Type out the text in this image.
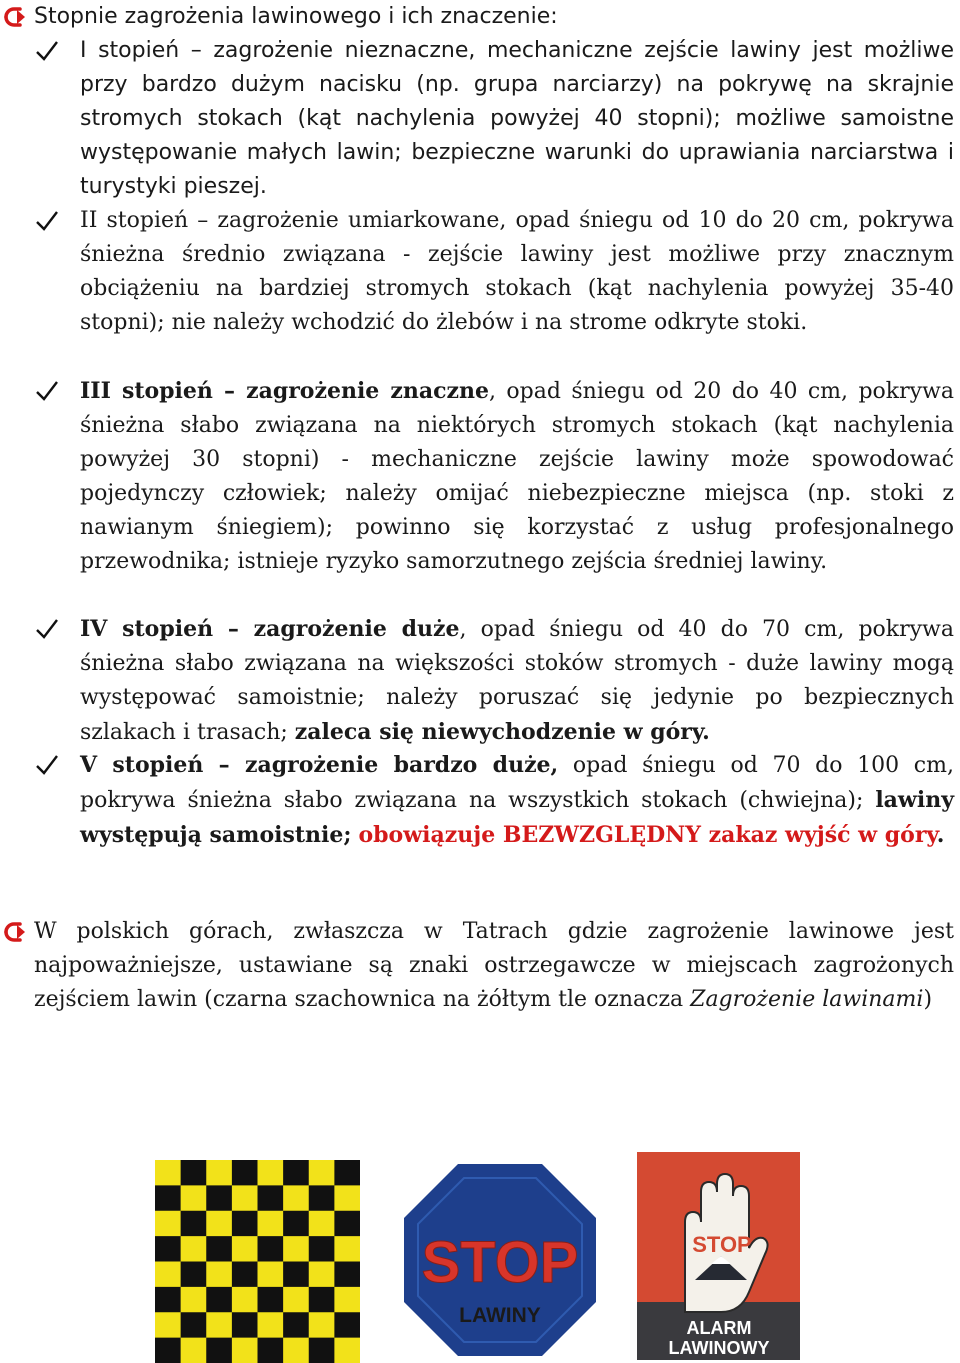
Stopnie zagrożenia lawinowego i ich znaczenie:
I stopień – zagrożenie nieznaczne, mechaniczne zejście lawiny jest możliwe przy bardzo dużym nacisku (np. grupa narciarzy) na pokrywę na skrajnie stromych stokach (kąt nachylenia powyżej 40 stopni); możliwe samoistne występowanie małych lawin; bezpieczne warunki do uprawiania narciarstwa i turystyki pieszej.
II stopień – zagrożenie umiarkowane, opad śniegu od 10 do 20 cm, pokrywa śnieżna średnio związana - zejście lawiny jest możliwe przy znacznym obciążeniu na bardziej stromych stokach (kąt nachylenia powyżej 35-40 stopni); nie należy wchodzić do żlebów i na strome odkryte stoki.
III stopień – zagrożenie znaczne, opad śniegu od 20 do 40 cm, pokrywa śnieżna słabo związana na niektórych stromych stokach (kąt nachylenia powyżej 30 stopni) - mechaniczne zejście lawiny może spowodować pojedynczy człowiek; należy omijać niebezpieczne miejsca (np. stoki z nawianym śniegiem); powinno się korzystać z usług profesjonalnego przewodnika; istnieje ryzyko samorzutnego zejścia średniej lawiny.
IV stopień – zagrożenie duże, opad śniegu od 40 do 70 cm, pokrywa śnieżna słabo związana na większości stoków stromych - duże lawiny mogą występować samoistnie; należy poruszać się jedynie po bezpiecznych szlakach i trasach; zaleca się niewychodzenie w góry.
V stopień – zagrożenie bardzo duże, opad śniegu od 70 do 100 cm, pokrywa śnieżna słabo związana na wszystkich stokach (chwiejna); lawiny występują samoistnie; obowiązuje BEZWZGLĘDNY zakaz wyjść w góry.
W polskich górach, zwłaszcza w Tatrach gdzie zagrożenie lawinowe jest najpoważniejsze, ustawiane są znaki ostrzegawcze w miejscach zagrożonych zejściem lawin (czarna szachownica na żółtym tle oznacza Zagrożenie lawinami)
STOP
LAWINY
STOP
ALARM
LAWINOWY
